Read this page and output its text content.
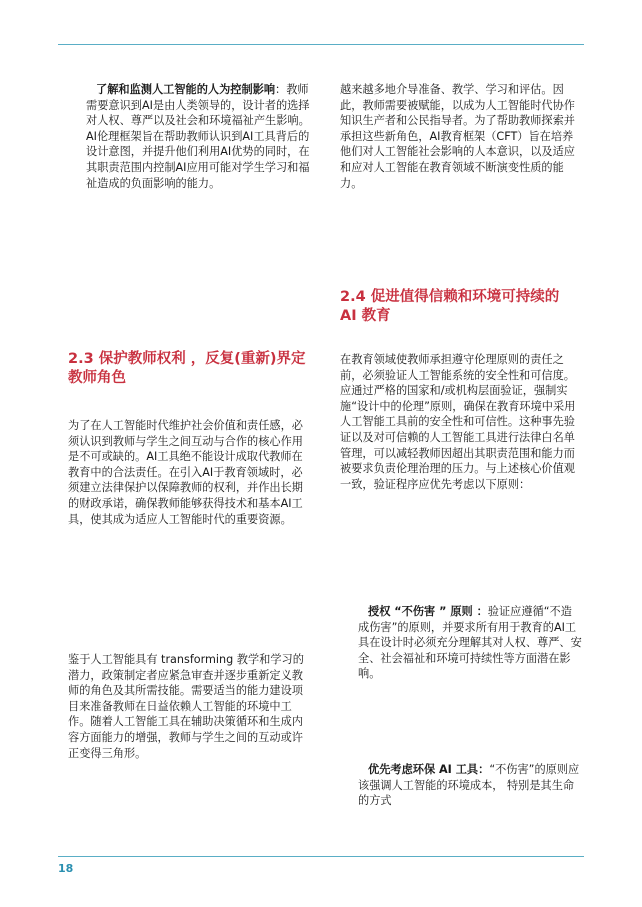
了解和监测人工智能的人为控制影响：教师需要意识到AI是由人类领导的，设计者的选择对人权、尊严以及社会和环境福祉产生影响。AI伦理框架旨在帮助教师认识到AI工具背后的设计意图，并提升他们利用AI优势的同时，在其职责范围内控制AI应用可能对学生学习和福祉造成的负面影响的能力。

2.3 保护教师权利 ，反复(重新)界定教师角色

为了在人工智能时代维护社会价值和责任感，必须认识到教师与学生之间互动与合作的核心作用是不可或缺的。AI工具绝不能设计成取代教师在教育中的合法责任。在引入AI于教育领域时，必须建立法律保护以保障教师的权利，并作出长期的财政承诺，确保教师能够获得技术和基本AI工具，使其成为适应人工智能时代的重要资源。

鉴于人工智能具有 transforming 教学和学习的潜力，政策制定者应紧急审查并逐步重新定义教师的角色及其所需技能。需要适当的能力建设项目来准备教师在日益依赖人工智能的环境中工作。随着人工智能工具在辅助决策循环和生成内容方面能力的增强，教师与学生之间的互动或许正变得三角形。

越来越多地介导准备、教学、学习和评估。因此，教师需要被赋能，以成为人工智能时代协作知识生产者和公民指导者。为了帮助教师探索并承担这些新角色，AI教育框架（CFT）旨在培养他们对人工智能社会影响的人本意识，以及适应和应对人工智能在教育领域不断演变性质的能力。

2.4 促进值得信赖和环境可持续的 AI 教育

在教育领域使教师承担遵守伦理原则的责任之前，必须验证人工智能系统的安全性和可信度。应通过严格的国家和/或机构层面验证，强制实施“设计中的伦理”原则，确保在教育环境中采用人工智能工具前的安全性和可信性。这种事先验证以及对可信赖的人工智能工具进行法律白名单管理，可以减轻教师因超出其职责范围和能力而被要求负责伦理治理的压力。与上述核心价值观一致，验证程序应优先考虑以下原则：

授权 “不伤害 ” 原则 ：验证应遵循“不造成伤害”的原则，并要求所有用于教育的AI工具在设计时必须充分理解其对人权、尊严、安全、社会福祉和环境可持续性等方面潜在影响。

优先考虑环保 AI 工具：“不伤害”的原则应该强调人工智能的环境成本， 特别是其生命的方式

18
